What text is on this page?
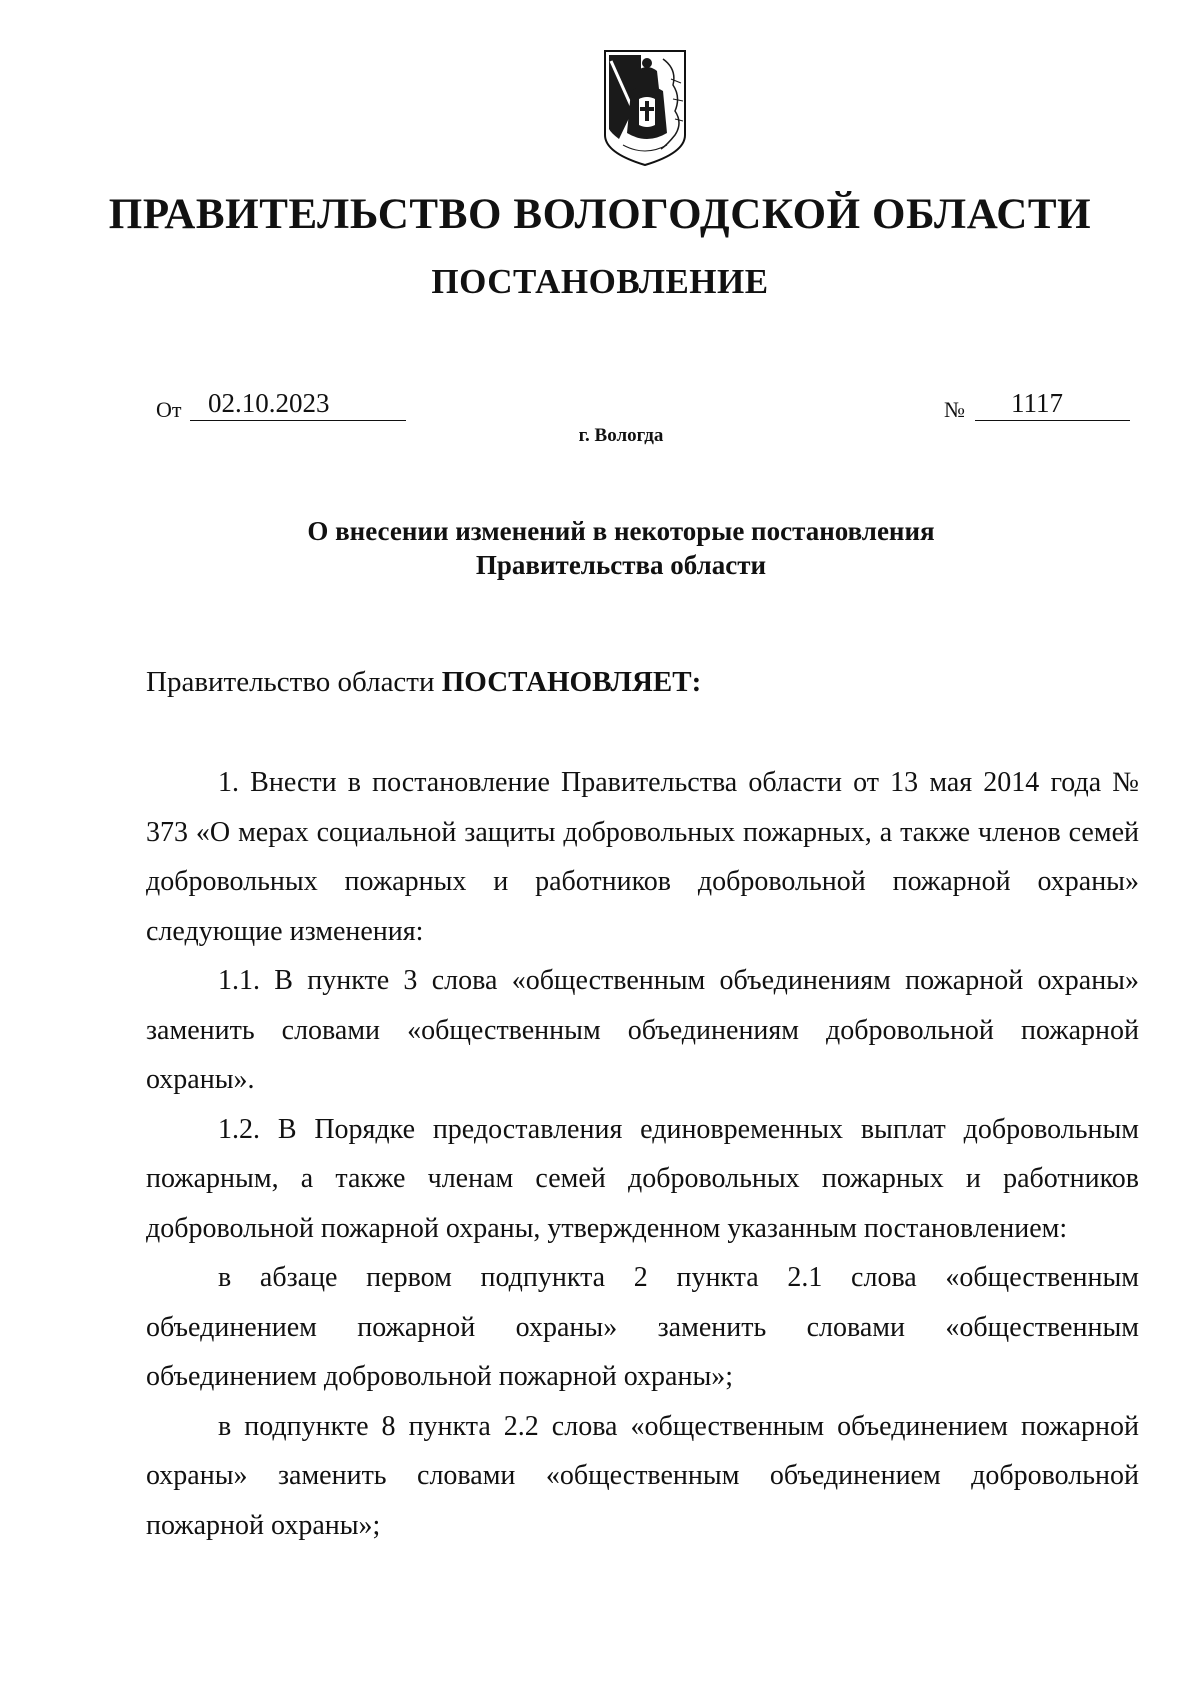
ПРАВИТЕЛЬСТВО ВОЛОГОДСКОЙ ОБЛАСТИ
ПОСТАНОВЛЕНИЕ
От 02.10.2023	№	1117
г. Вологда
О внесении изменений в некоторые постановления
Правительства области
Правительство области ПОСТАНОВЛЯЕТ:

1. Внести в постановление Правительства области от 13 мая 2014 года № 373 «О мерах социальной защиты добровольных пожарных, а также членов семей добровольных пожарных и работников добровольной пожарной охраны» следующие изменения:

1.1. В пункте 3 слова «общественным объединениям пожарной охраны» заменить словами «общественным объединениям добровольной пожарной охраны».

1.2. В Порядке предоставления единовременных выплат добровольным пожарным, а также членам семей добровольных пожарных и работников добровольной пожарной охраны, утвержденном указанным постановлением:

в абзаце первом подпункта 2 пункта 2.1 слова «общественным объединением пожарной охраны» заменить словами «общественным объединением добровольной пожарной охраны»;

в подпункте 8 пункта 2.2 слова «общественным объединением пожарной охраны» заменить словами «общественным объединением добровольной пожарной охраны»;
